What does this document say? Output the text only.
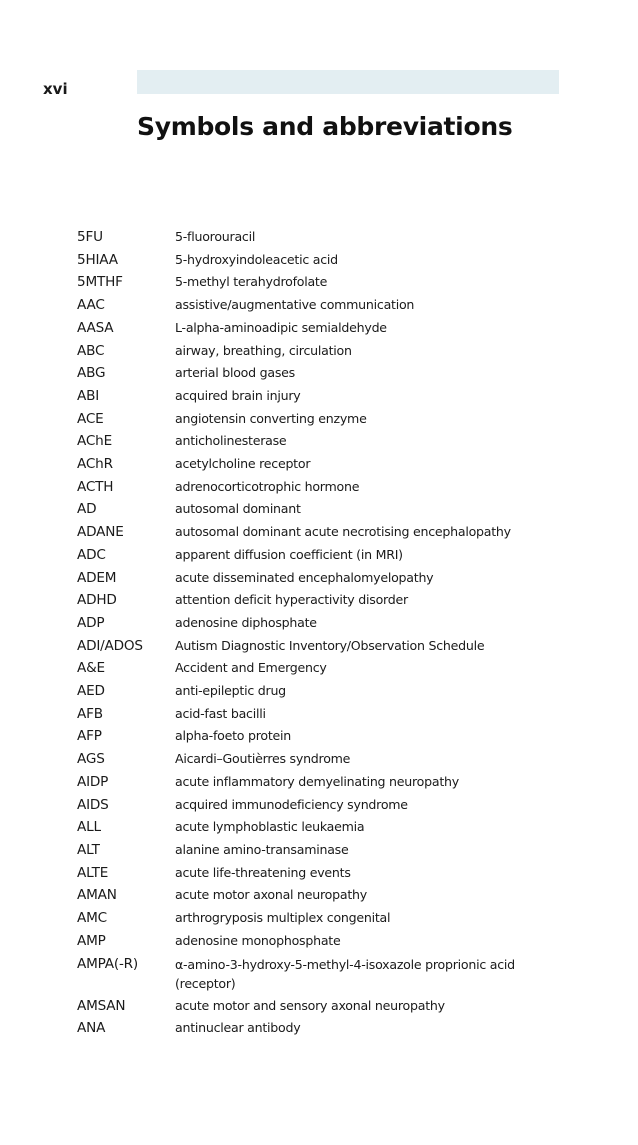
xvi
Symbols and abbreviations
5FU	5-fluorouracil
5HIAA	5-hydroxyindoleacetic acid
5MTHF	5-methyl terahydrofolate
AAC	assistive/augmentative communication
AASA	L-alpha-aminoadipic semialdehyde
ABC	airway, breathing, circulation
ABG	arterial blood gases
ABI	acquired brain injury
ACE	angiotensin converting enzyme
AChE	anticholinesterase
AChR	acetylcholine receptor
ACTH	adrenocorticotrophic hormone
AD	autosomal dominant
ADANE	autosomal dominant acute necrotising encephalopathy
ADC	apparent diffusion coefficient (in MRI)
ADEM	acute disseminated encephalomyelopathy
ADHD	attention deficit hyperactivity disorder
ADP	adenosine diphosphate
ADI/ADOS	Autism Diagnostic Inventory/Observation Schedule
A&E	Accident and Emergency
AED	anti-epileptic drug
AFB	acid-fast bacilli
AFP	alpha-foeto protein
AGS	Aicardi–Goutièrres syndrome
AIDP	acute inflammatory demyelinating neuropathy
AIDS	acquired immunodeficiency syndrome
ALL	acute lymphoblastic leukaemia
ALT	alanine amino-transaminase
ALTE	acute life-threatening events
AMAN	acute motor axonal neuropathy
AMC	arthrogryposis multiplex congenital
AMP	adenosine monophosphate
AMPA(-R)	α-amino-3-hydroxy-5-methyl-4-isoxazole proprionic acid (receptor)
AMSAN	acute motor and sensory axonal neuropathy
ANA	antinuclear antibody
